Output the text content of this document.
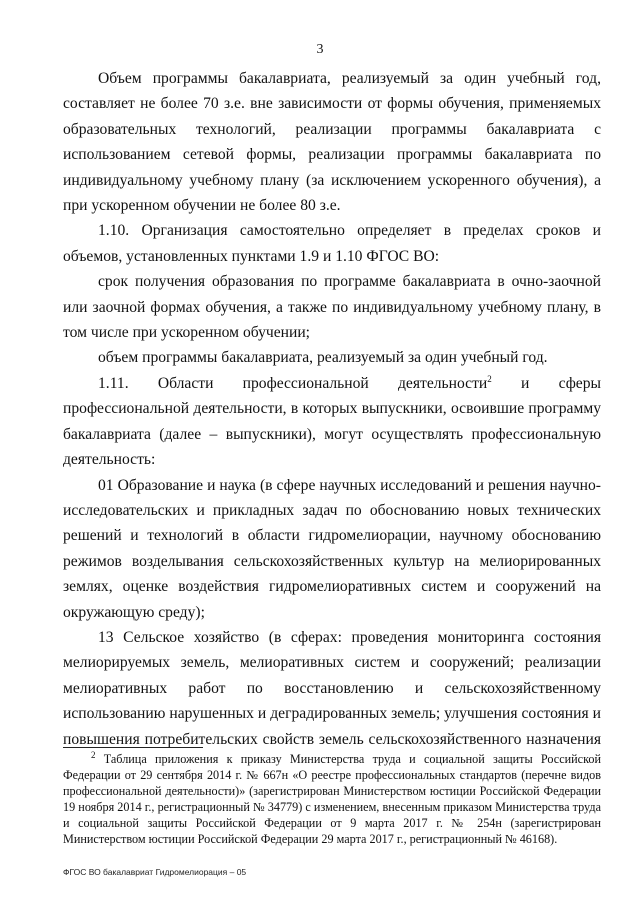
3

Объем программы бакалавриата, реализуемый за один учебный год, составляет не более 70 з.е. вне зависимости от формы обучения, применяемых образовательных технологий, реализации программы бакалавриата с использованием сетевой формы, реализации программы бакалавриата по индивидуальному учебному плану (за исключением ускоренного обучения), а при ускоренном обучении не более 80 з.е.

1.10. Организация самостоятельно определяет в пределах сроков и объемов, установленных пунктами 1.9 и 1.10 ФГОС ВО:

срок получения образования по программе бакалавриата в очно-заочной или заочной формах обучения, а также по индивидуальному учебному плану, в том числе при ускоренном обучении;

объем программы бакалавриата, реализуемый за один учебный год.

1.11. Области профессиональной деятельности$^2$ и сферы профессиональной деятельности, в которых выпускники, освоившие программу бакалавриата (далее – выпускники), могут осуществлять профессиональную деятельность:

01 Образование и наука (в сфере научных исследований и решения научно-исследовательских и прикладных задач по обоснованию новых технических решений и технологий в области гидромелиорации, научному обоснованию режимов возделывания сельскохозяйственных культур на мелиорированных землях, оценке воздействия гидромелиоративных систем и сооружений на окружающую среду);

13 Сельское хозяйство (в сферах: проведения мониторинга состояния мелиорируемых земель, мелиоративных систем и сооружений; реализации мелиоративных работ по восстановлению и сельскохозяйственному использованию нарушенных и деградированных земель; улучшения состояния и повышения потребительских свойств земель сельскохозяйственного назначения

$^2$ Таблица приложения к приказу Министерства труда и социальной защиты Российской Федерации от 29 сентября 2014 г. № 667н «О реестре профессиональных стандартов (перечне видов профессиональной деятельности)» (зарегистрирован Министерством юстиции Российской Федерации 19 ноября 2014 г., регистрационный № 34779) с изменением, внесенным приказом Министерства труда и социальной защиты Российской Федерации от 9 марта 2017 г. № 254н (зарегистрирован Министерством юстиции Российской Федерации 29 марта 2017 г., регистрационный № 46168).

ФГОС ВО бакалавриат Гидромелиорация – 05
